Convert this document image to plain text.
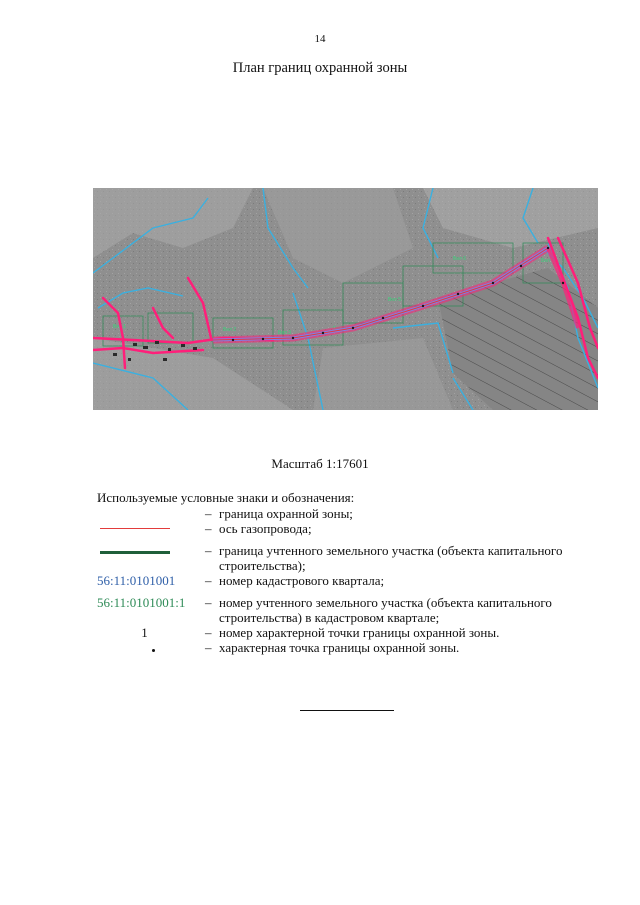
14
План границ охранной зоны
Вел 1	Вел 2	Вел 3
Вел 4
Вел 5
Вел 6	Вел 7
Масштаб 1:17601
Используемые условные знаки и обозначения:
– граница охранной зоны;
– ось газопровода;
– граница учтенного земельного участка (объекта капитального строительства);
56:11:0101001	– номер кадастрового квартала;
56:11:0101001:1	– номер учтенного земельного участка (объекта капитального строительства) в кадастровом квартале;
1	– номер характерной точки границы охранной зоны.
– характерная точка границы охранной зоны.
